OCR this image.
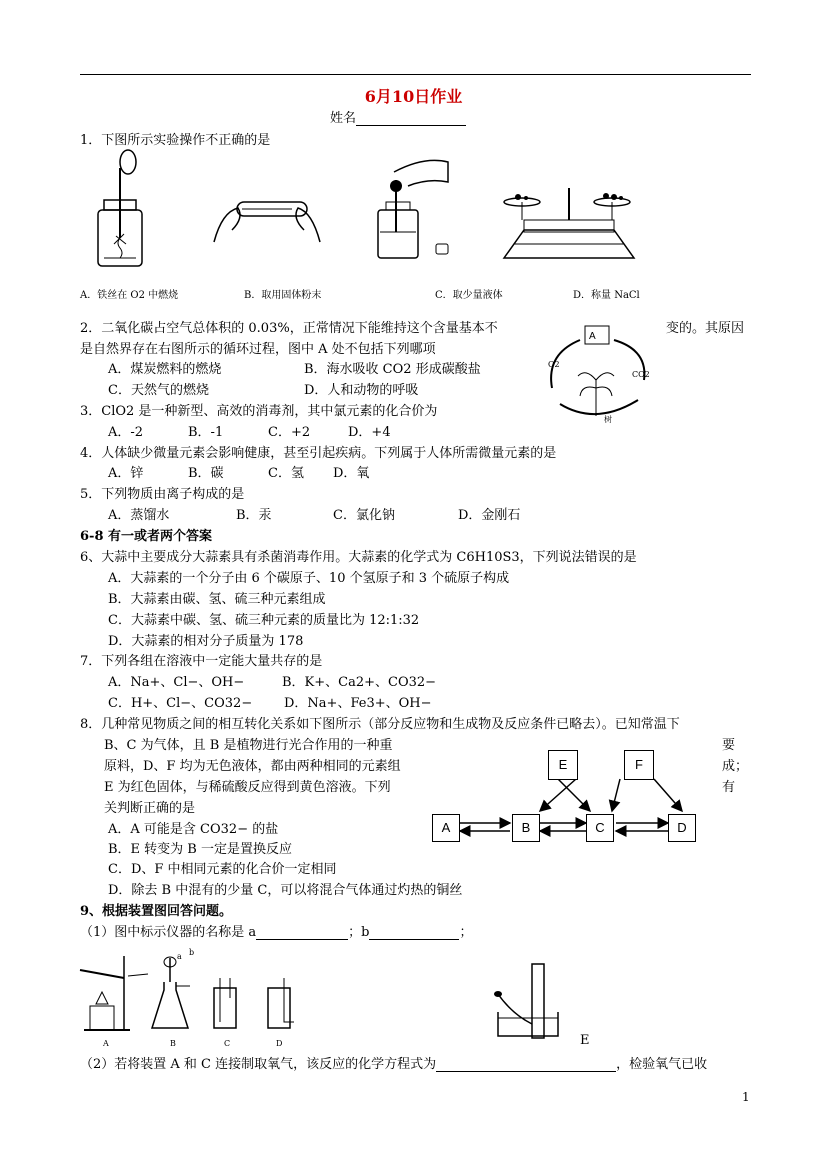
6月10日作业
姓名
1．下图所示实验操作不正确的是
A．铁丝在 O2 中燃烧	B．取用固体粉末	C．取少量液体	D．称量 NaCl
2．二氧化碳占空气总体积的 0.03%，正常情况下能维持这个含量基本不	变的。其原因
是自然界存在右图所示的循环过程，图中 A 处不包括下列哪项
A．煤炭燃料的燃烧	B．海水吸收 CO2 形成碳酸盐
C．天然气的燃烧	D．人和动物的呼吸
A
O2
CO2
树
3．ClO2 是一种新型、高效的消毒剂，其中氯元素的化合价为
A．-2	B．-1	C．+2	D．+4
4．人体缺少微量元素会影响健康，甚至引起疾病。下列属于人体所需微量元素的是
A．锌	B．碳	C．氢 D．氧
5．下列物质由离子构成的是
A．蒸馏水	B．汞	C．氯化钠	D．金刚石
6-8 有一或者两个答案
6、大蒜中主要成分大蒜素具有杀菌消毒作用。大蒜素的化学式为 C6H10S3，下列说法错误的是
A．大蒜素的一个分子由 6 个碳原子、10 个氢原子和 3 个硫原子构成
B．大蒜素由碳、氢、硫三种元素组成
C．大蒜素中碳、氢、硫三种元素的质量比为 12:1:32
D．大蒜素的相对分子质量为 178
7．下列各组在溶液中一定能大量共存的是
A．Na+、Cl−、OH−	B．K+、Ca2+、CO32−
C．H+、Cl−、CO32− D．Na+、Fe3+、OH−
8．几种常见物质之间的相互转化关系如下图所示（部分反应物和生成物及反应条件已略去）。已知常温下
B、C 为气体，且 B 是植物进行光合作用的一种重	要
原料，D、F 均为无色液体，都由两种相同的元素组	成；
E 为红色固体，与稀硫酸反应得到黄色溶液。下列	有
关判断正确的是
A．A 可能是含 CO32− 的盐
B．E 转变为 B 一定是置换反应
C．D、F 中相同元素的化合价一定相同
D．除去 B 中混有的少量 C，可以将混合气体通过灼热的铜丝
A	B	C	D
E	F
9、根据装置图回答问题。
（1）图中标示仪器的名称是 a	；b	；
a b
A	B	C	D	E
（2）若将装置 A 和 C 连接制取氧气，该反应的化学方程式为	，检验氧气已收
1
